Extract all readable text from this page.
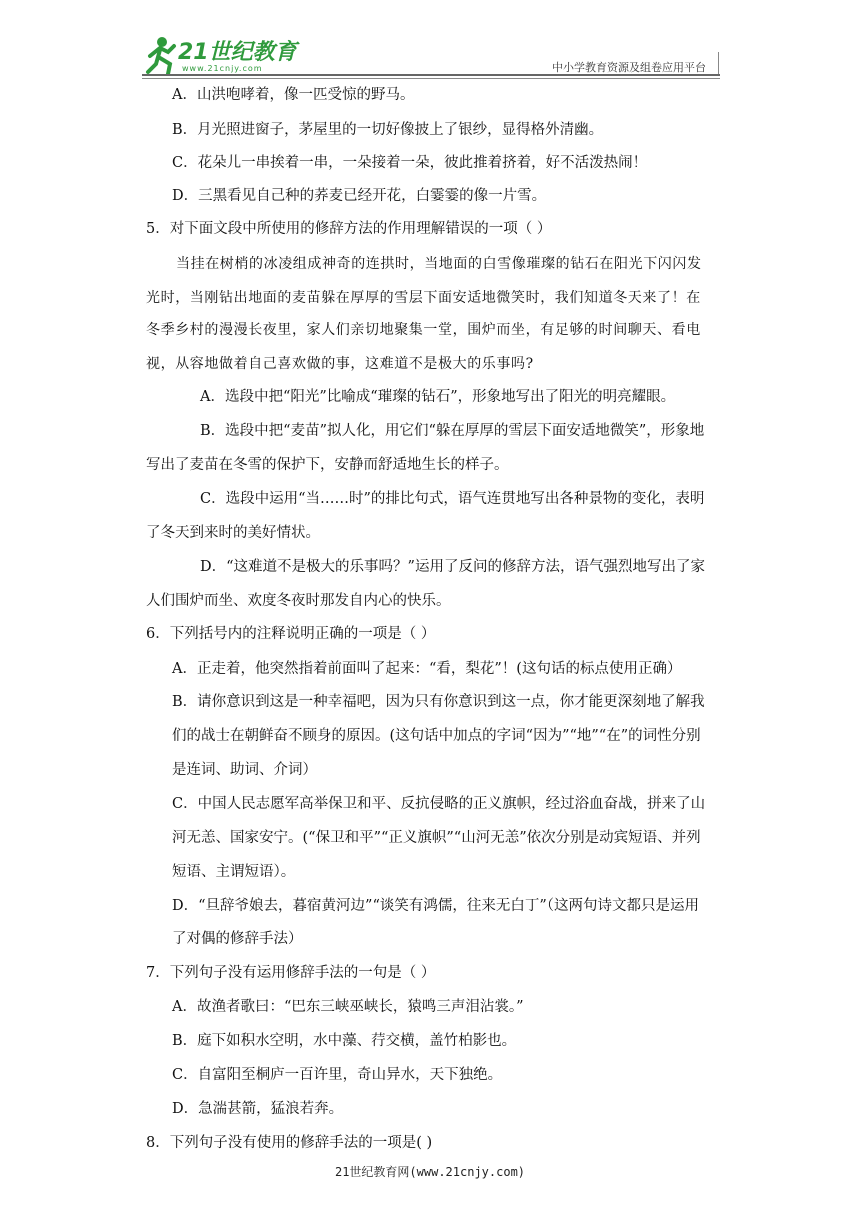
21世纪教育
www.21cnjy.com	中小学教育资源及组卷应用平台
A．山洪咆哮着，像一匹受惊的野马。
B．月光照进窗子，茅屋里的一切好像披上了银纱，显得格外清幽。
C．花朵儿一串挨着一串，一朵接着一朵，彼此推着挤着，好不活泼热闹！
D．三黑看见自己种的荞麦已经开花，白霎霎的像一片雪。
5．对下面文段中所使用的修辞方法的作用理解错误的一项（ ）
当挂在树梢的冰凌组成神奇的连拱时，当地面的白雪像璀璨的钻石在阳光下闪闪发
光时，当刚钻出地面的麦苗躲在厚厚的雪层下面安适地微笑时，我们知道冬天来了！在
冬季乡村的漫漫长夜里，家人们亲切地聚集一堂，围炉而坐，有足够的时间聊天、看电
视，从容地做着自己喜欢做的事，这难道不是极大的乐事吗?
A．选段中把“阳光”比喻成“璀璨的钻石”，形象地写出了阳光的明亮耀眼。
B．选段中把“麦苗”拟人化，用它们“躲在厚厚的雪层下面安适地微笑”，形象地
写出了麦苗在冬雪的保护下，安静而舒适地生长的样子。
C．选段中运用“当……时”的排比句式，语气连贯地写出各种景物的变化，表明
了冬天到来时的美好情状。
D．“这难道不是极大的乐事吗？”运用了反问的修辞方法，语气强烈地写出了家
人们围炉而坐、欢度冬夜时那发自内心的快乐。
6．下列括号内的注释说明正确的一项是（ ）
A．正走着，他突然指着前面叫了起来：“看，梨花”！(这句话的标点使用正确）
B．请你意识到这是一种幸福吧，因为只有你意识到这一点，你才能更深刻地了解我
们的战士在朝鲜奋不顾身的原因。(这句话中加点的字词“因为”“地”“在”的词性分别
是连词、助词、介词）
C．中国人民志愿军高举保卫和平、反抗侵略的正义旗帜，经过浴血奋战，拼来了山
河无恙、国家安宁。(“保卫和平”“正义旗帜”“山河无恙”依次分别是动宾短语、并列
短语、主谓短语）。
D．“旦辞爷娘去，暮宿黄河边”“谈笑有鸿儒，往来无白丁”（这两句诗文都只是运用
了对偶的修辞手法）
7．下列句子没有运用修辞手法的一句是（ ）
A．故渔者歌曰：“巴东三峡巫峡长，猿鸣三声泪沾裳。”
B．庭下如积水空明，水中藻、荇交横，盖竹柏影也。
C．自富阳至桐庐一百许里，奇山异水，天下独绝。
D．急湍甚箭，猛浪若奔。
8．下列句子没有使用的修辞手法的一项是( )
21世纪教育网(www.21cnjy.com)
